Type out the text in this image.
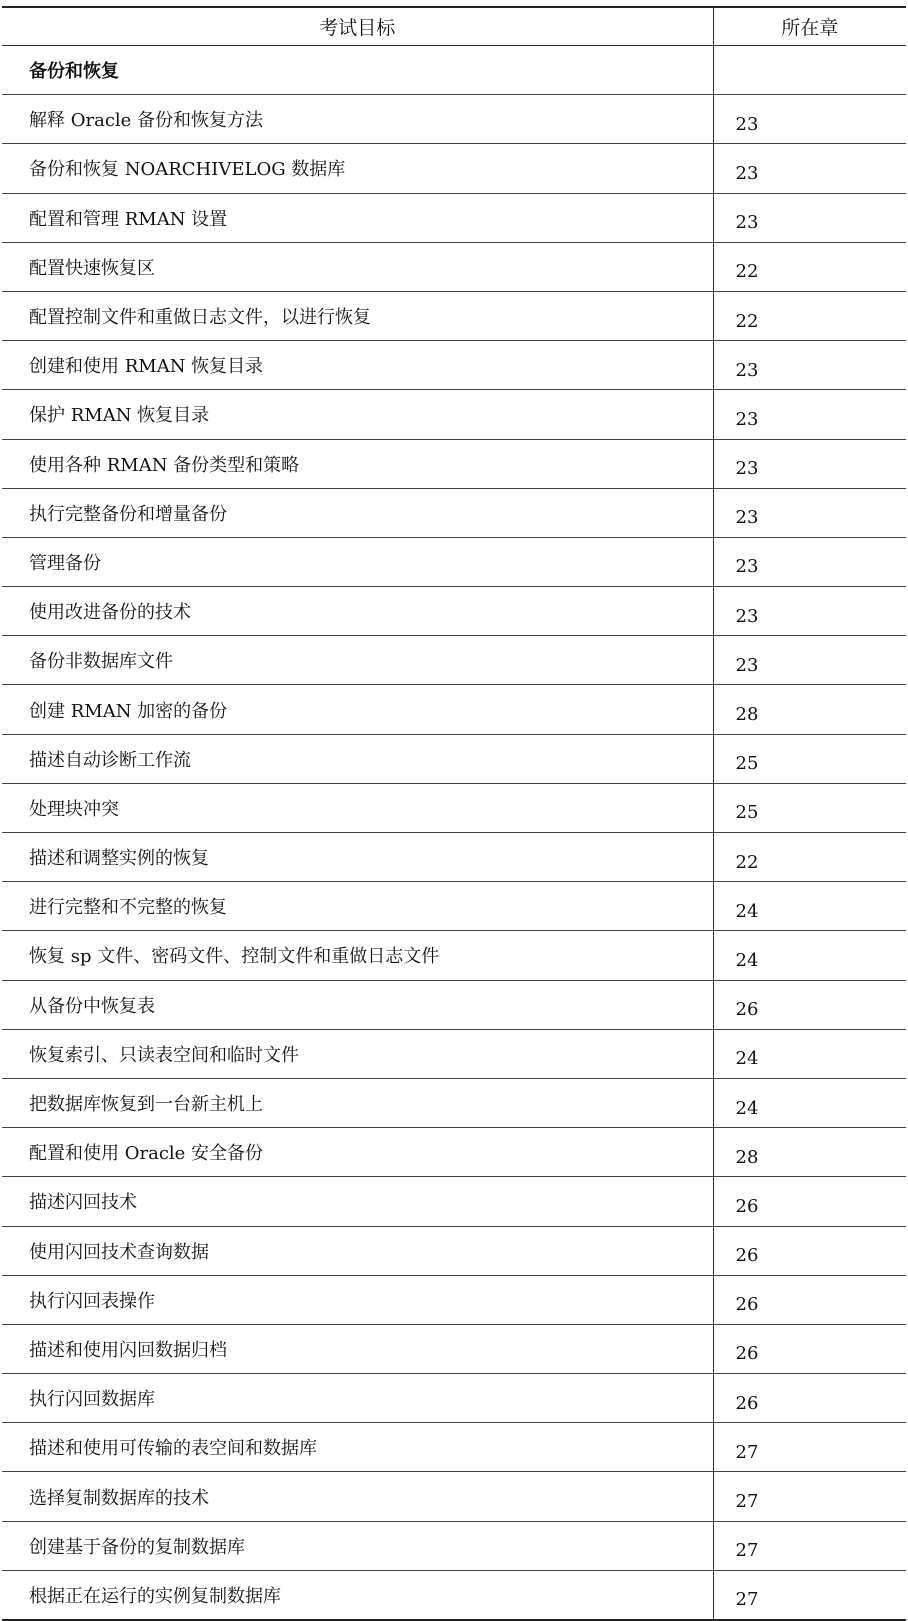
考试目标	所在章
备份和恢复	
解释 Oracle 备份和恢复方法	23
备份和恢复 NOARCHIVELOG 数据库	23
配置和管理 RMAN 设置	23
配置快速恢复区	22
配置控制文件和重做日志文件，以进行恢复	22
创建和使用 RMAN 恢复目录	23
保护 RMAN 恢复目录	23
使用各种 RMAN 备份类型和策略	23
执行完整备份和增量备份	23
管理备份	23
使用改进备份的技术	23
备份非数据库文件	23
创建 RMAN 加密的备份	28
描述自动诊断工作流	25
处理块冲突	25
描述和调整实例的恢复	22
进行完整和不完整的恢复	24
恢复 sp 文件、密码文件、控制文件和重做日志文件	24
从备份中恢复表	26
恢复索引、只读表空间和临时文件	24
把数据库恢复到一台新主机上	24
配置和使用 Oracle 安全备份	28
描述闪回技术	26
使用闪回技术查询数据	26
执行闪回表操作	26
描述和使用闪回数据归档	26
执行闪回数据库	26
描述和使用可传输的表空间和数据库	27
选择复制数据库的技术	27
创建基于备份的复制数据库	27
根据正在运行的实例复制数据库	27
